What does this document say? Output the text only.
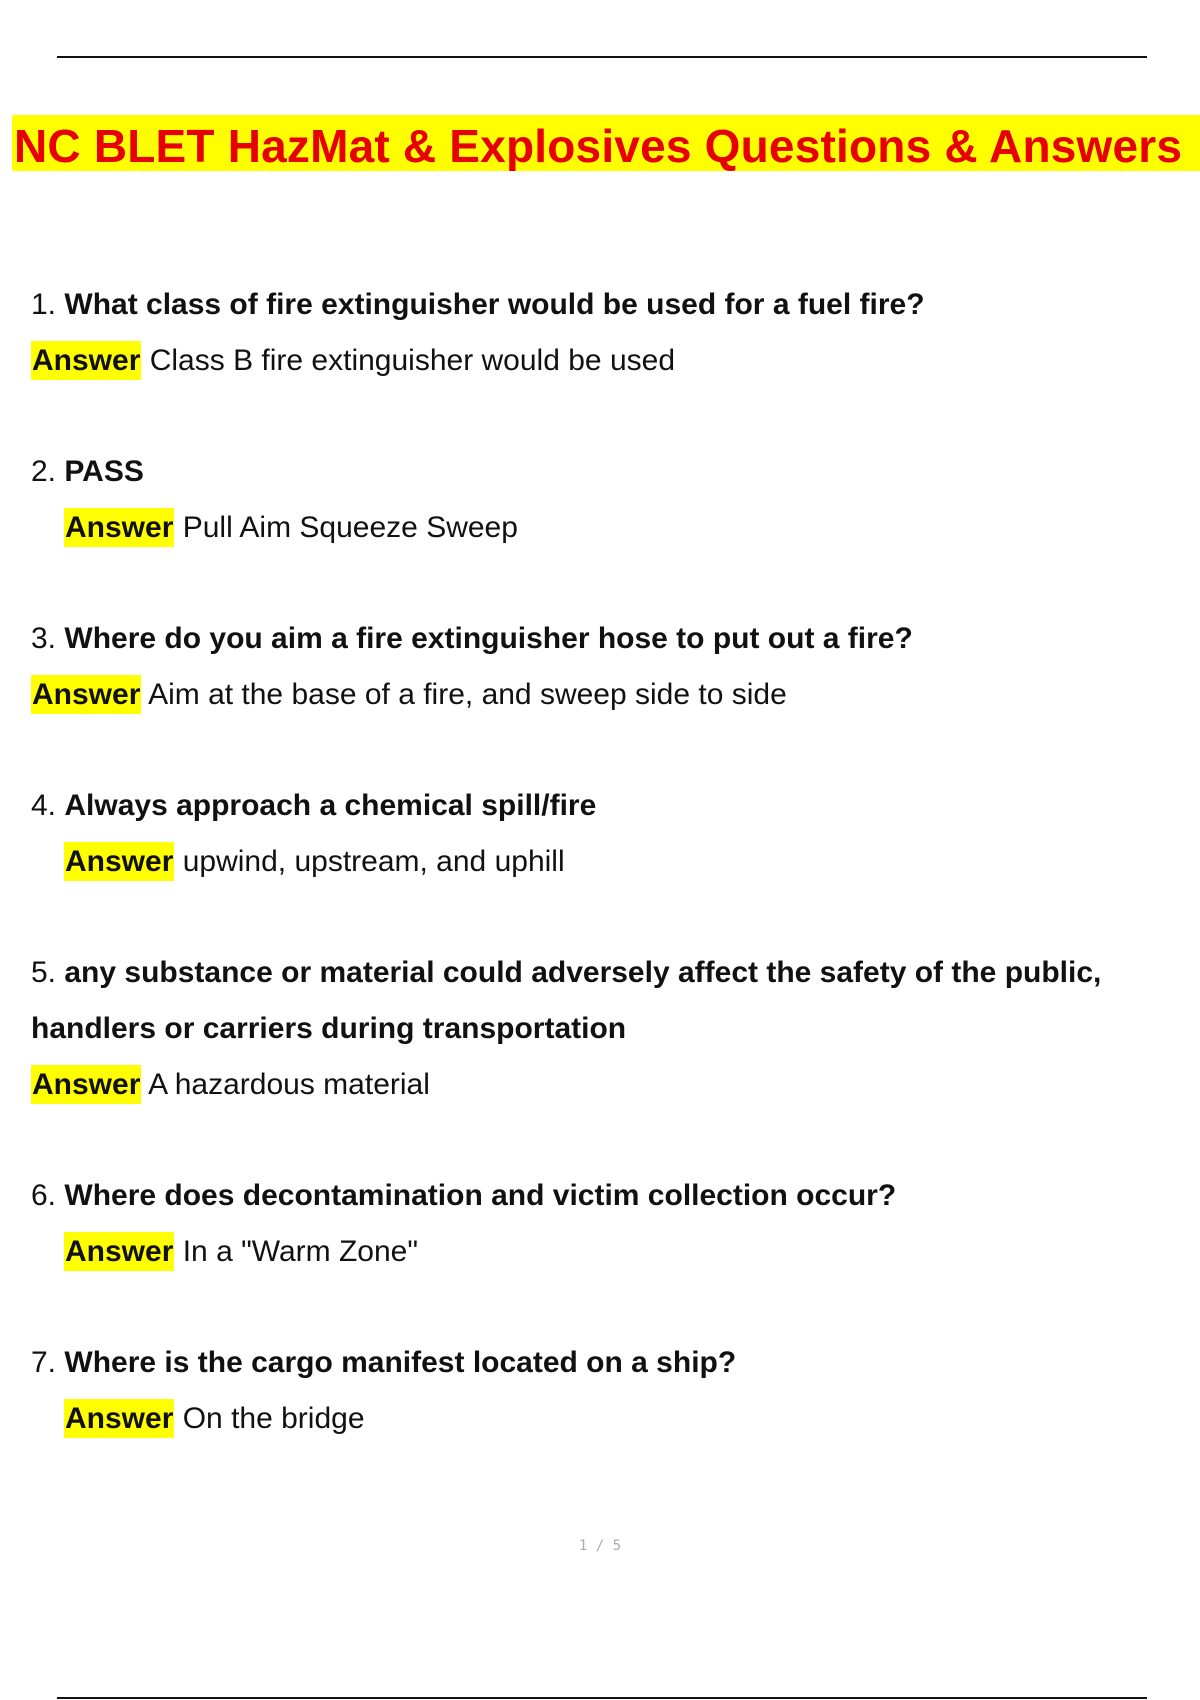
NC BLET HazMat & Explosives Questions & Answers
1. What class of fire extinguisher would be used for a fuel fire?
Answer Class B fire extinguisher would be used
2. PASS
Answer Pull Aim Squeeze Sweep
3. Where do you aim a fire extinguisher hose to put out a fire?
Answer Aim at the base of a fire, and sweep side to side
4. Always approach a chemical spill/fire
Answer upwind, upstream, and uphill
5. any substance or material could adversely affect the safety of the public,
handlers or carriers during transportation
Answer A hazardous material
6. Where does decontamination and victim collection occur?
Answer In a "Warm Zone"
7. Where is the cargo manifest located on a ship?
Answer On the bridge
1 / 5
